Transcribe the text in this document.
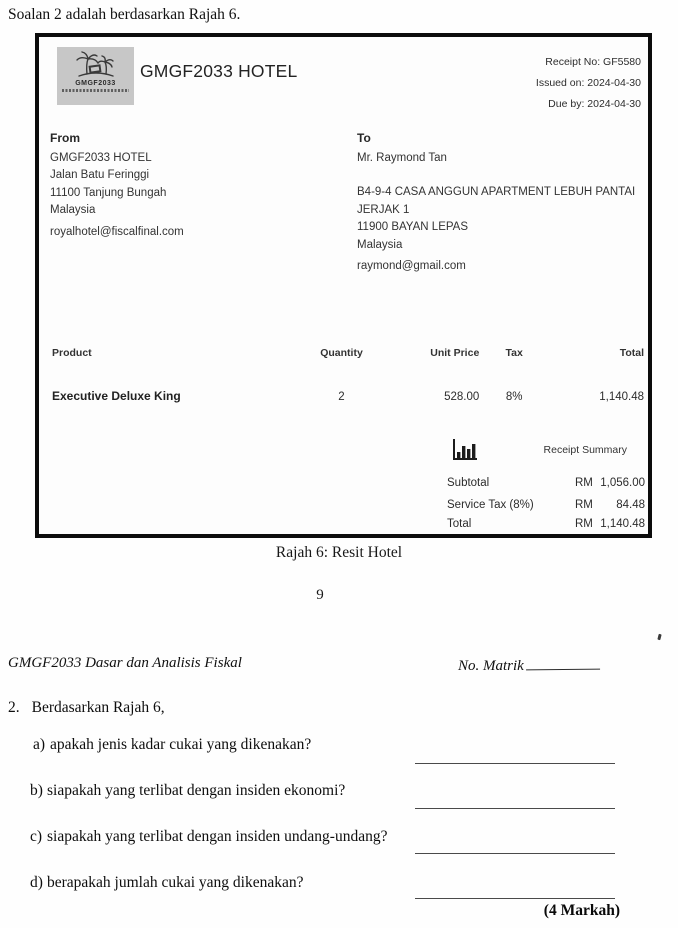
Soalan 2 adalah berdasarkan Rajah 6.
GMGF2033
GMGF2033 HOTEL	Receipt No: GF5580
Issued on: 2024-04-30
Due by: 2024-04-30
From
GMGF2033 HOTEL
Jalan Batu Feringgi
11100 Tanjung Bungah
Malaysia
royalhotel@fiscalfinal.com
To
Mr. Raymond Tan
B4-9-4 CASA ANGGUN APARTMENT LEBUH PANTAI
JERJAK 1
11900 BAYAN LEPAS
Malaysia
raymond@gmail.com
Product	Quantity	Unit Price	Tax	Total
Executive Deluxe King	2	528.00	8%	1,140.48
Receipt Summary
Subtotal	RM 1,056.00
Service Tax (8%)	RM 84.48
Total	RM 1,140.48
Rajah 6: Resit Hotel
9
GMGF2033 Dasar dan Analisis Fiskal	No. Matrik
2. Berdasarkan Rajah 6,
a) apakah jenis kadar cukai yang dikenakan?
b) siapakah yang terlibat dengan insiden ekonomi?
c) siapakah yang terlibat dengan insiden undang-undang?
d) berapakah jumlah cukai yang dikenakan?
(4 Markah)
